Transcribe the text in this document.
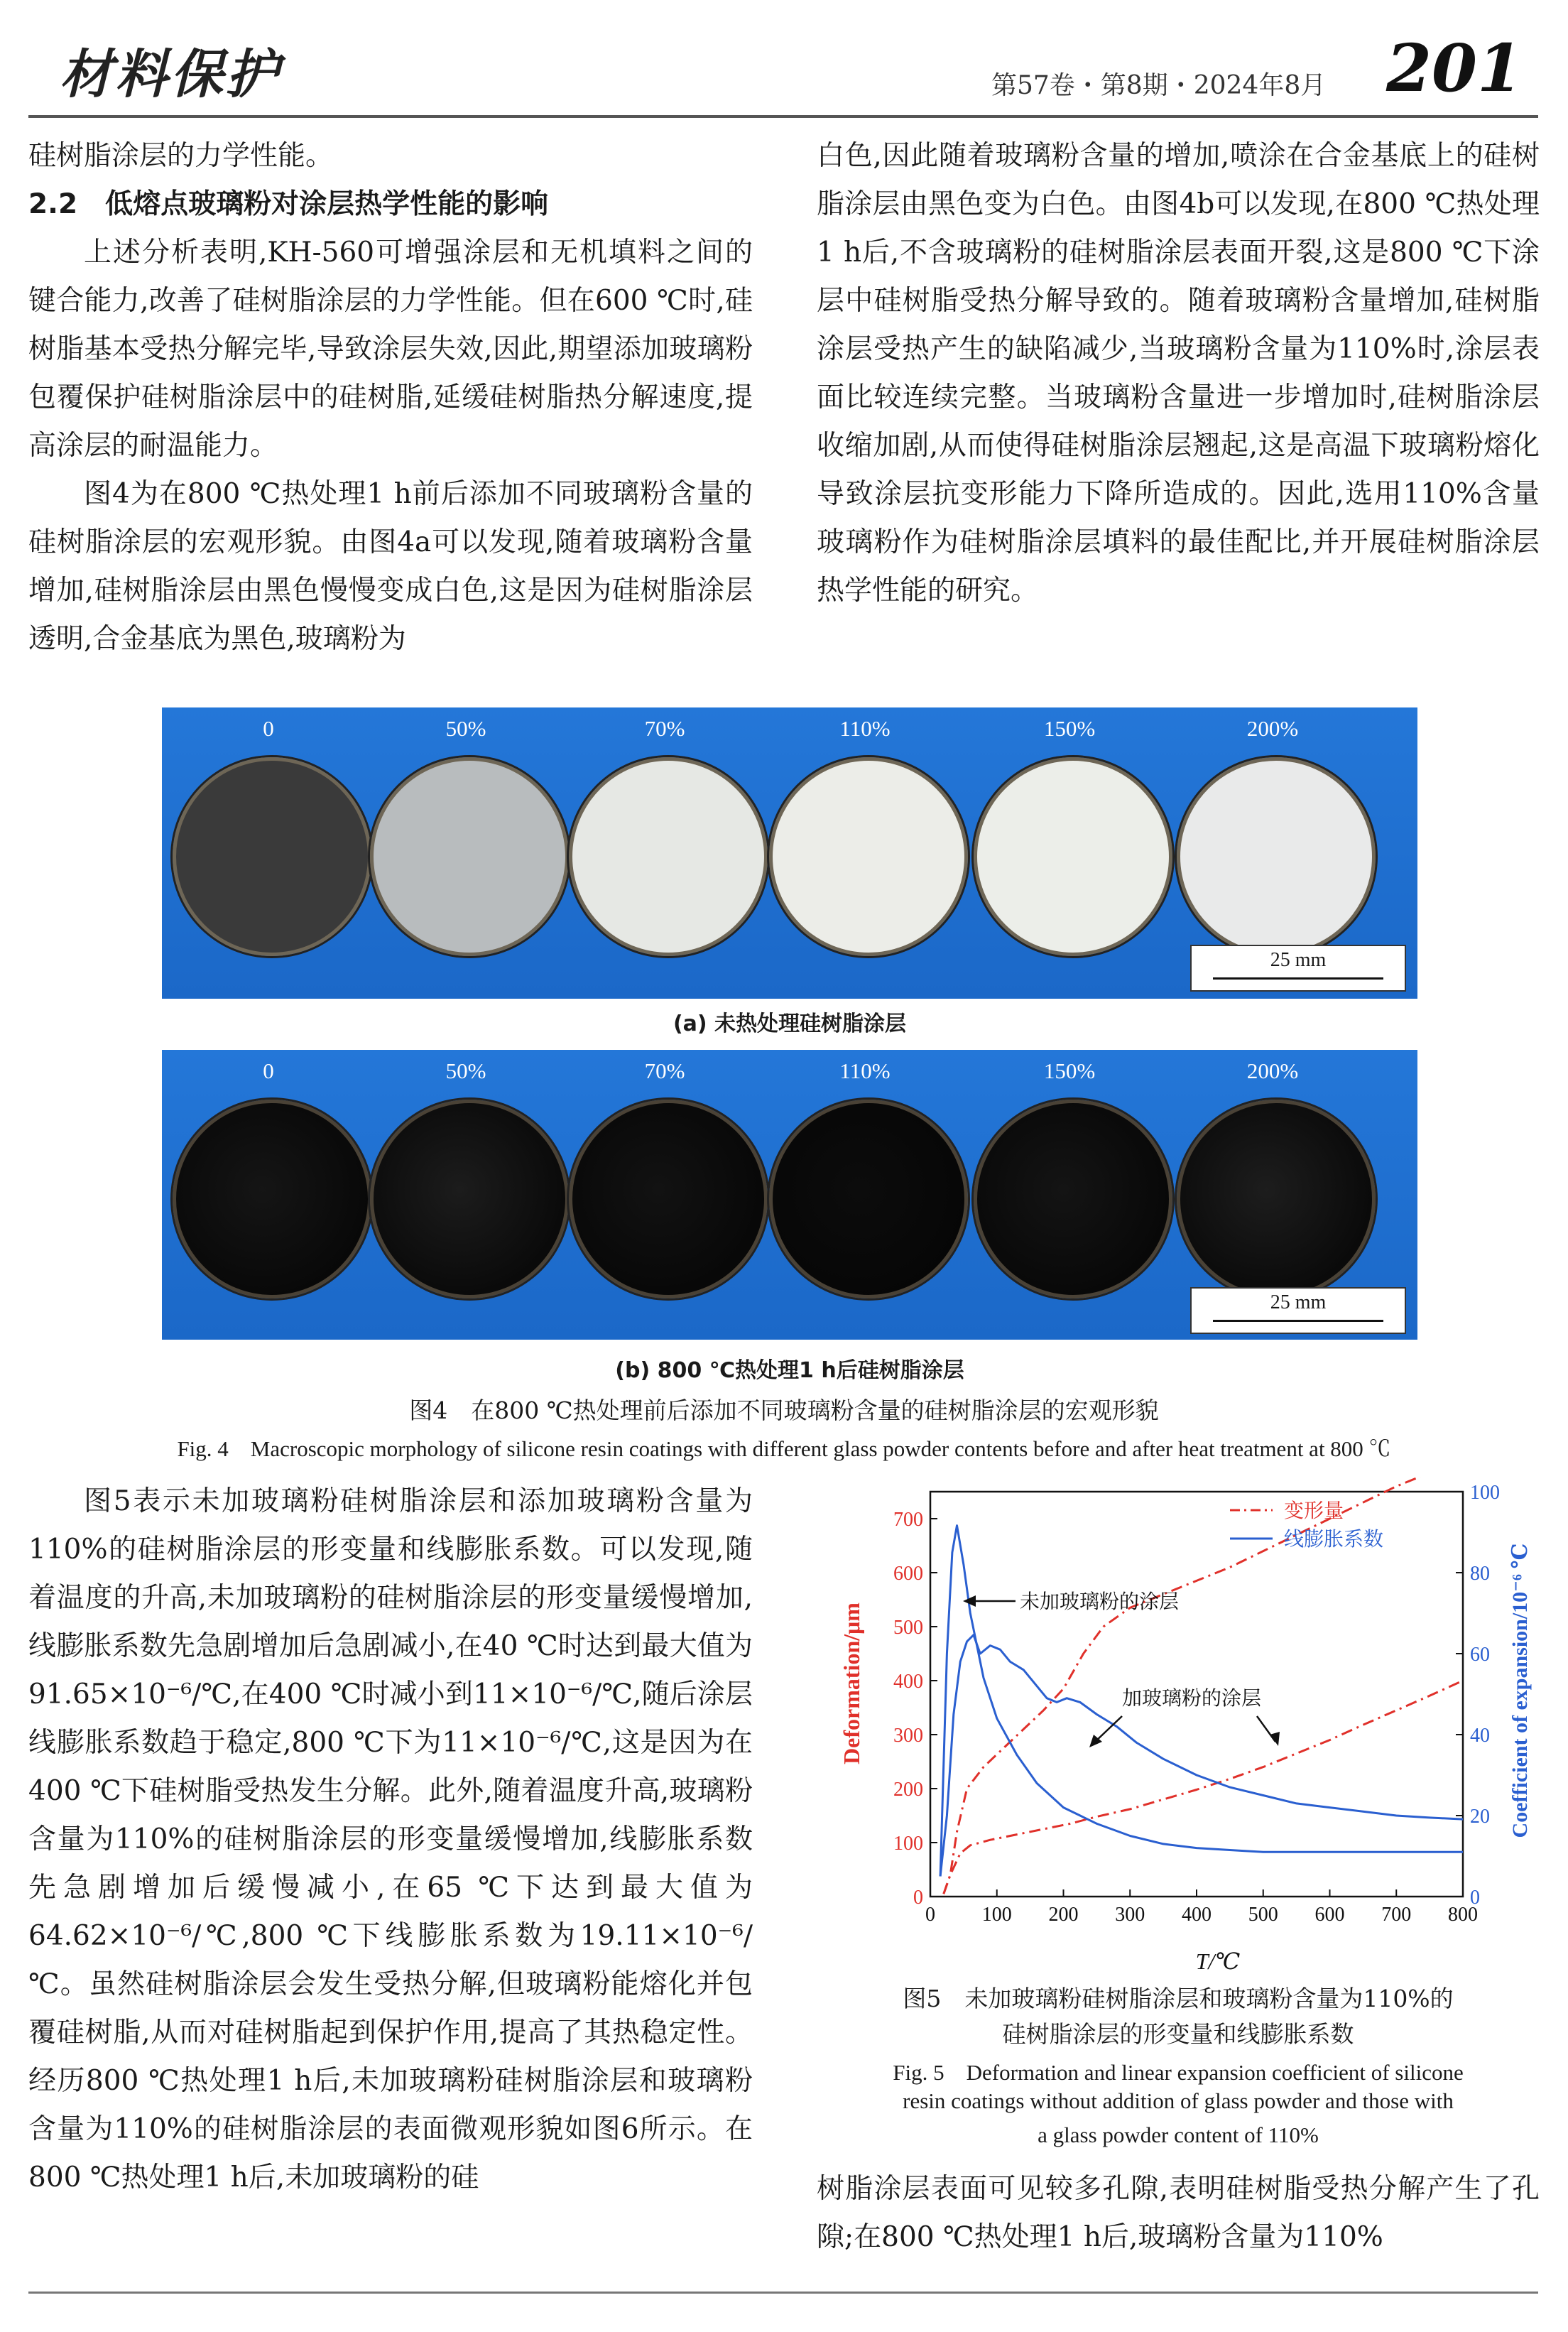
材料保护	第57卷・第8期・2024年8月 201

硅树脂涂层的力学性能。

2.2　低熔点玻璃粉对涂层热学性能的影响

上述分析表明,KH-560可增强涂层和无机填料之间的键合能力,改善了硅树脂涂层的力学性能。但在600 ℃时,硅树脂基本受热分解完毕,导致涂层失效,因此,期望添加玻璃粉包覆保护硅树脂涂层中的硅树脂,延缓硅树脂热分解速度,提高涂层的耐温能力。

图4为在800 ℃热处理1 h前后添加不同玻璃粉含量的硅树脂涂层的宏观形貌。由图4a可以发现,随着玻璃粉含量增加,硅树脂涂层由黑色慢慢变成白色,这是因为硅树脂涂层透明,合金基底为黑色,玻璃粉为

白色,因此随着玻璃粉含量的增加,喷涂在合金基底上的硅树脂涂层由黑色变为白色。由图4b可以发现,在800 ℃热处理1 h后,不含玻璃粉的硅树脂涂层表面开裂,这是800 ℃下涂层中硅树脂受热分解导致的。随着玻璃粉含量增加,硅树脂涂层受热产生的缺陷减少,当玻璃粉含量为110%时,涂层表面比较连续完整。当玻璃粉含量进一步增加时,硅树脂涂层收缩加剧,从而使得硅树脂涂层翘起,这是高温下玻璃粉熔化导致涂层抗变形能力下降所造成的。因此,选用110%含量玻璃粉作为硅树脂涂层填料的最佳配比,并开展硅树脂涂层热学性能的研究。

0	50%	70%	110%	150%	200%
25 mm
(a) 未热处理硅树脂涂层
0	50%	70%	110%	150%	200%
25 mm
(b) 800 ℃热处理1 h后硅树脂涂层
图4　在800 ℃热处理前后添加不同玻璃粉含量的硅树脂涂层的宏观形貌
Fig. 4　Macroscopic morphology of silicone resin coatings with different glass powder contents before and after heat treatment at 800 ℃

图5表示未加玻璃粉硅树脂涂层和添加玻璃粉含量为110%的硅树脂涂层的形变量和线膨胀系数。可以发现,随着温度的升高,未加玻璃粉的硅树脂涂层的形变量缓慢增加,线膨胀系数先急剧增加后急剧减小,在40 ℃时达到最大值为91.65×10⁻⁶/℃,在400 ℃时减小到11×10⁻⁶/℃,随后涂层线膨胀系数趋于稳定,800 ℃下为11×10⁻⁶/℃,这是因为在400 ℃下硅树脂受热发生分解。此外,随着温度升高,玻璃粉含量为110%的硅树脂涂层的形变量缓慢增加,线膨胀系数先急剧增加后缓慢减小,在65 ℃下达到最大值为64.62×10⁻⁶/℃,800 ℃下线膨胀系数为19.11×10⁻⁶/℃。虽然硅树脂涂层会发生受热分解,但玻璃粉能熔化并包覆硅树脂,从而对硅树脂起到保护作用,提高了其热稳定性。经历800 ℃热处理1 h后,未加玻璃粉硅树脂涂层和玻璃粉含量为110%的硅树脂涂层的表面微观形貌如图6所示。在800 ℃热处理1 h后,未加玻璃粉的硅

0 100 200 300 400 500 600 700 800
0
100
200
300
400
500
600
700
0
20
40
60
80
100
Deformation/μm	Coefficient of expansion/10⁻⁶ ℃
T/℃
变形量
线膨胀系数
未加玻璃粉的涂层
加玻璃粉的涂层
图5　未加玻璃粉硅树脂涂层和玻璃粉含量为110%的
硅树脂涂层的形变量和线膨胀系数
Fig. 5　Deformation and linear expansion coefficient of silicone
resin coatings without addition of glass powder and those with
a glass powder content of 110%

树脂涂层表面可见较多孔隙,表明硅树脂受热分解产生了孔隙;在800 ℃热处理1 h后,玻璃粉含量为110%
